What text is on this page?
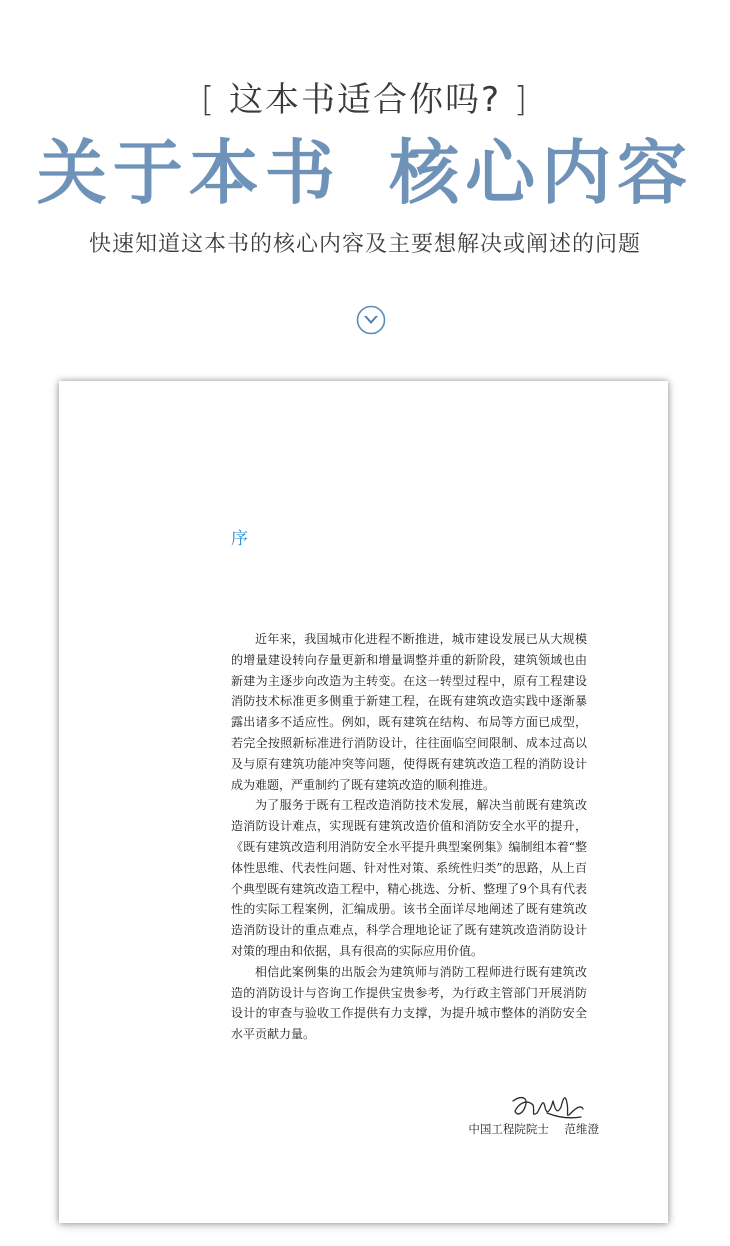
[ 这本书适合你吗? ]
关于本书 核心内容
快速知道这本书的核心内容及主要想解决或阐述的问题
序

近年来，我国城市化进程不断推进，城市建设发展已从大规模的增量建设转向存量更新和增量调整并重的新阶段，建筑领域也由新建为主逐步向改造为主转变。在这一转型过程中，原有工程建设消防技术标准更多侧重于新建工程，在既有建筑改造实践中逐渐暴露出诸多不适应性。例如，既有建筑在结构、布局等方面已成型，若完全按照新标准进行消防设计，往往面临空间限制、成本过高以及与原有建筑功能冲突等问题，使得既有建筑改造工程的消防设计成为难题，严重制约了既有建筑改造的顺利推进。

为了服务于既有工程改造消防技术发展，解决当前既有建筑改造消防设计难点，实现既有建筑改造价值和消防安全水平的提升，《既有建筑改造利用消防安全水平提升典型案例集》编制组本着“整体性思维、代表性问题、针对性对策、系统性归类”的思路，从上百个典型既有建筑改造工程中，精心挑选、分析、整理了9个具有代表性的实际工程案例，汇编成册。该书全面详尽地阐述了既有建筑改造消防设计的重点难点，科学合理地论证了既有建筑改造消防设计对策的理由和依据，具有很高的实际应用价值。

相信此案例集的出版会为建筑师与消防工程师进行既有建筑改造的消防设计与咨询工作提供宝贵参考，为行政主管部门开展消防设计的审查与验收工作提供有力支撑，为提升城市整体的消防安全水平贡献力量。

中国工程院院士 范维澄
